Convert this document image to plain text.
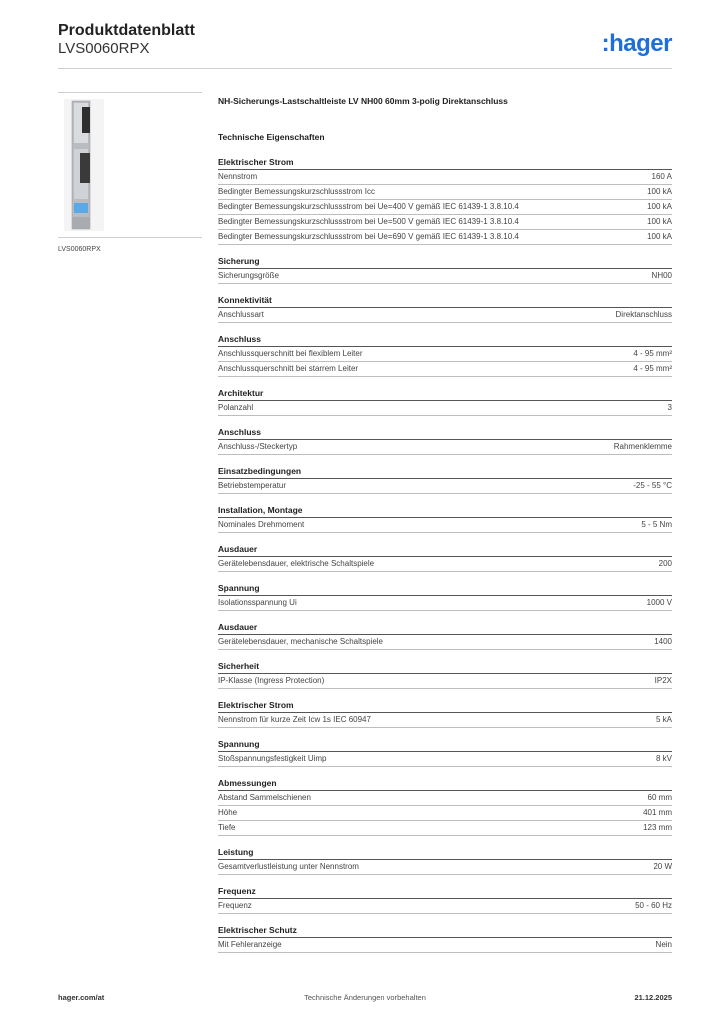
Produktdatenblatt
LVS0060RPX	:hager
LVS0060RPX
NH-Sicherungs-Lastschaltleiste LV NH00 60mm 3-polig Direktanschluss
Technische Eigenschaften
Elektrischer Strom
Nennstrom	160 A
Bedingter Bemessungskurzschlussstrom Icc	100 kA
Bedingter Bemessungskurzschlussstrom bei Ue=400 V gemäß IEC 61439-1 3.8.10.4	100 kA
Bedingter Bemessungskurzschlussstrom bei Ue=500 V gemäß IEC 61439-1 3.8.10.4	100 kA
Bedingter Bemessungskurzschlussstrom bei Ue=690 V gemäß IEC 61439-1 3.8.10.4	100 kA
Sicherung
Sicherungsgröße	NH00
Konnektivität
Anschlussart	Direktanschluss
Anschluss
Anschlussquerschnitt bei flexiblem Leiter	4 - 95 mm²
Anschlussquerschnitt bei starrem Leiter	4 - 95 mm²
Architektur
Polanzahl	3
Anschluss
Anschluss-/Steckertyp	Rahmenklemme
Einsatzbedingungen
Betriebstemperatur	-25 - 55 °C
Installation, Montage
Nominales Drehmoment	5 - 5 Nm
Ausdauer
Gerätelebensdauer, elektrische Schaltspiele	200
Spannung
Isolationsspannung Ui	1000 V
Ausdauer
Gerätelebensdauer, mechanische Schaltspiele	1400
Sicherheit
IP-Klasse (Ingress Protection)	IP2X
Elektrischer Strom
Nennstrom für kurze Zeit Icw 1s IEC 60947	5 kA
Spannung
Stoßspannungsfestigkeit Uimp	8 kV
Abmessungen
Abstand Sammelschienen	60 mm
Höhe	401 mm
Tiefe	123 mm
Leistung
Gesamtverlustleistung unter Nennstrom	20 W
Frequenz
Frequenz	50 - 60 Hz
Elektrischer Schutz
Mit Fehleranzeige	Nein
hager.com/at	Technische Änderungen vorbehalten	21.12.2025
